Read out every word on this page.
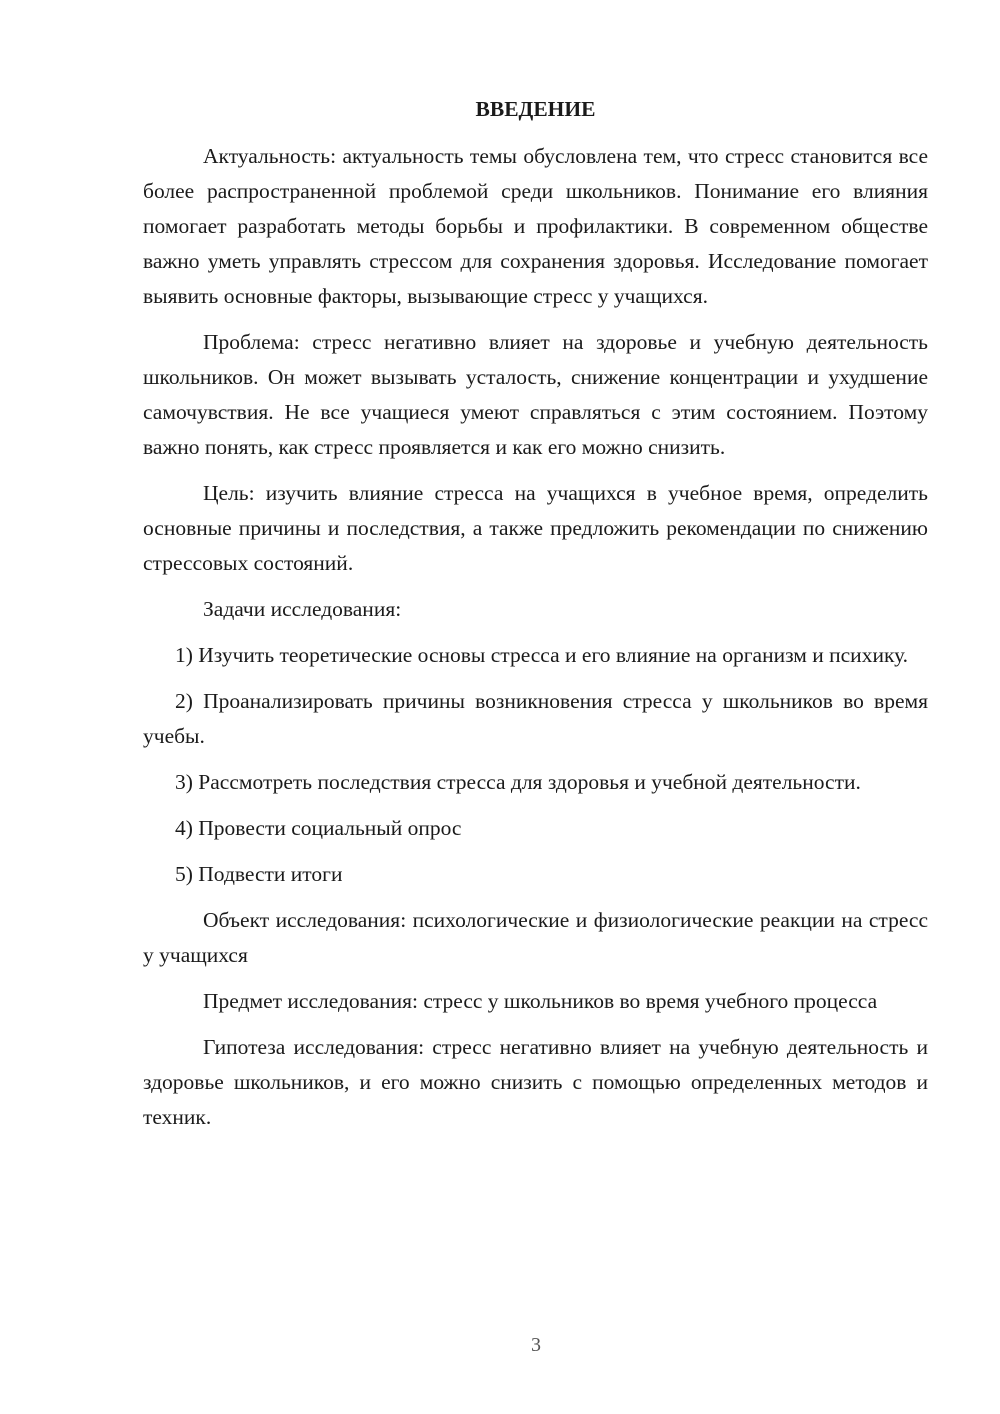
ВВЕДЕНИЕ

Актуальность: актуальность темы обусловлена тем, что стресс становится все более распространенной проблемой среди школьников. Понимание его влияния помогает разработать методы борьбы и профилактики. В современном обществе важно уметь управлять стрессом для сохранения здоровья. Исследование помогает выявить основные факторы, вызывающие стресс у учащихся.

Проблема: стресс негативно влияет на здоровье и учебную деятельность школьников. Он может вызывать усталость, снижение концентрации и ухудшение самочувствия. Не все учащиеся умеют справляться с этим состоянием. Поэтому важно понять, как стресс проявляется и как его можно снизить.

Цель: изучить влияние стресса на учащихся в учебное время, определить основные причины и последствия, а также предложить рекомендации по снижению стрессовых состояний.

Задачи исследования:

1) Изучить теоретические основы стресса и его влияние на организм и психику.

2) Проанализировать причины возникновения стресса у школьников во время учебы.

3) Рассмотреть последствия стресса для здоровья и учебной деятельности.

4) Провести социальный опрос

5) Подвести итоги

Объект исследования: психологические и физиологические реакции на стресс у учащихся

Предмет исследования: стресс у школьников во время учебного процесса

Гипотеза исследования: стресс негативно влияет на учебную деятельность и здоровье школьников, и его можно снизить с помощью определенных методов и техник.

3
